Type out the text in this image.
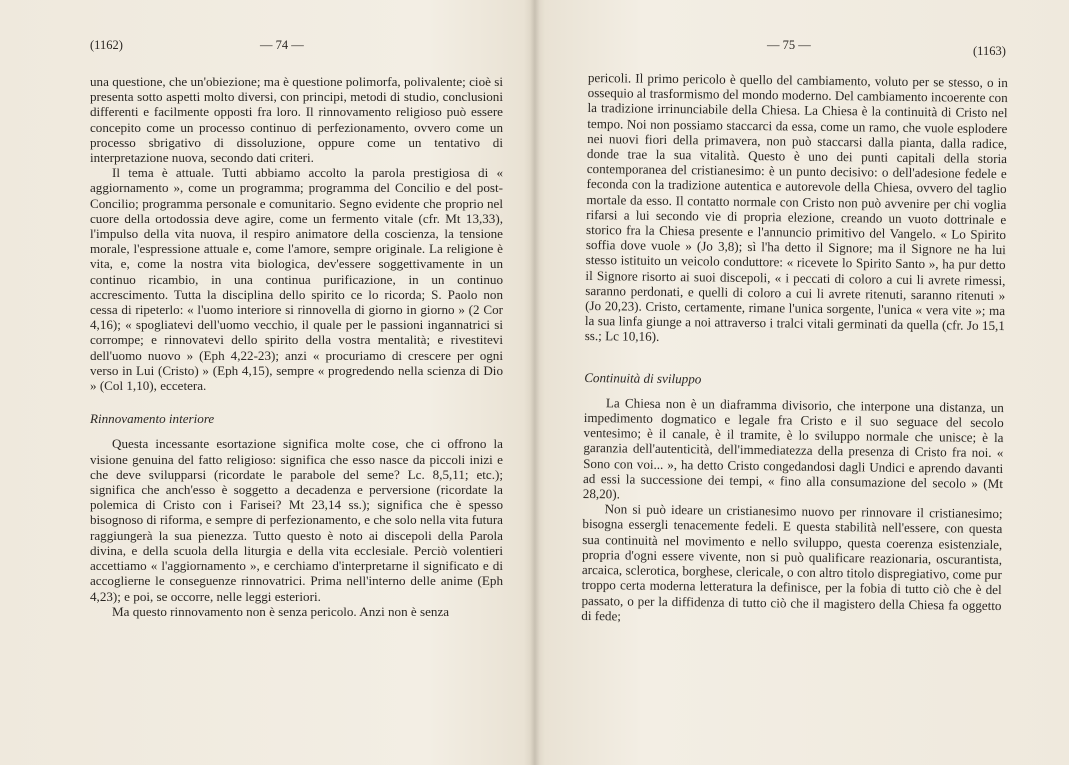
(1162)	— 74 —

una questione, che un'obiezione; ma è questione polimorfa, polivalente; cioè si presenta sotto aspetti molto diversi, con principi, metodi di studio, conclusioni differenti e facilmente opposti fra loro. Il rinnovamento religioso può essere concepito come un processo continuo di perfezionamento, ovvero come un processo sbrigativo di dissoluzione, oppure come un tentativo di interpretazione nuova, secondo dati criteri.

Il tema è attuale. Tutti abbiamo accolto la parola prestigiosa di « aggiornamento », come un programma; programma del Concilio e del post-Concilio; programma personale e comunitario. Segno evidente che proprio nel cuore della ortodossia deve agire, come un fermento vitale (cfr. Mt 13,33), l'impulso della vita nuova, il respiro animatore della coscienza, la tensione morale, l'espressione attuale e, come l'amore, sempre originale. La religione è vita, e, come la nostra vita biologica, dev'essere soggettivamente in un continuo ricambio, in una continua purificazione, in un continuo accrescimento. Tutta la disciplina dello spirito ce lo ricorda; S. Paolo non cessa di ripeterlo: « l'uomo interiore si rinnovella di giorno in giorno » (2 Cor 4,16); « spogliatevi dell'uomo vecchio, il quale per le passioni ingannatrici si corrompe; e rinnovatevi dello spirito della vostra mentalità; e rivestitevi dell'uomo nuovo » (Eph 4,22-23); anzi « procuriamo di crescere per ogni verso in Lui (Cristo) » (Eph 4,15), sempre « progredendo nella scienza di Dio » (Col 1,10), eccetera.

Rinnovamento interiore

Questa incessante esortazione significa molte cose, che ci offrono la visione genuina del fatto religioso: significa che esso nasce da piccoli inizi e che deve svilupparsi (ricordate le parabole del seme? Lc. 8,5,11; etc.); significa che anch'esso è soggetto a decadenza e perversione (ricordate la polemica di Cristo con i Farisei? Mt 23,14 ss.); significa che è spesso bisognoso di riforma, e sempre di perfezionamento, e che solo nella vita futura raggiungerà la sua pienezza. Tutto questo è noto ai discepoli della Parola divina, e della scuola della liturgia e della vita ecclesiale. Perciò volentieri accettiamo « l'aggiornamento », e cerchiamo d'interpretarne il significato e di accoglierne le conseguenze rinnovatrici. Prima nell'interno delle anime (Eph 4,23); e poi, se occorre, nelle leggi esteriori.

Ma questo rinnovamento non è senza pericolo. Anzi non è senza

— 75 —	(1163)

pericoli. Il primo pericolo è quello del cambiamento, voluto per se stesso, o in ossequio al trasformismo del mondo moderno. Del cambiamento incoerente con la tradizione irrinunciabile della Chiesa. La Chiesa è la continuità di Cristo nel tempo. Noi non possiamo staccarci da essa, come un ramo, che vuole esplodere nei nuovi fiori della primavera, non può staccarsi dalla pianta, dalla radice, donde trae la sua vitalità. Questo è uno dei punti capitali della storia contemporanea del cristianesimo: è un punto decisivo: o dell'adesione fedele e feconda con la tradizione autentica e autorevole della Chiesa, ovvero del taglio mortale da esso. Il contatto normale con Cristo non può avvenire per chi voglia rifarsi a lui secondo vie di propria elezione, creando un vuoto dottrinale e storico fra la Chiesa presente e l'annuncio primitivo del Vangelo. « Lo Spirito soffia dove vuole » (Jo 3,8); sì l'ha detto il Signore; ma il Signore ne ha lui stesso istituito un veicolo conduttore: « ricevete lo Spirito Santo », ha pur detto il Signore risorto ai suoi discepoli, « i peccati di coloro a cui li avrete rimessi, saranno perdonati, e quelli di coloro a cui li avrete ritenuti, saranno ritenuti » (Jo 20,23). Cristo, certamente, rimane l'unica sorgente, l'unica « vera vite »; ma la sua linfa giunge a noi attraverso i tralci vitali germinati da quella (cfr. Jo 15,1 ss.; Lc 10,16).

Continuità di sviluppo

La Chiesa non è un diaframma divisorio, che interpone una distanza, un impedimento dogmatico e legale fra Cristo e il suo seguace del secolo ventesimo; è il canale, è il tramite, è lo sviluppo normale che unisce; è la garanzia dell'autenticità, dell'immediatezza della presenza di Cristo fra noi. « Sono con voi... », ha detto Cristo congedandosi dagli Undici e aprendo davanti ad essi la successione dei tempi, « fino alla consumazione del secolo » (Mt 28,20).

Non si può ideare un cristianesimo nuovo per rinnovare il cristianesimo; bisogna essergli tenacemente fedeli. E questa stabilità nell'essere, con questa sua continuità nel movimento e nello sviluppo, questa coerenza esistenziale, propria d'ogni essere vivente, non si può qualificare reazionaria, oscurantista, arcaica, sclerotica, borghese, clericale, o con altro titolo dispregiativo, come pur troppo certa moderna letteratura la definisce, per la fobia di tutto ciò che è del passato, o per la diffidenza di tutto ciò che il magistero della Chiesa fa oggetto di fede;
